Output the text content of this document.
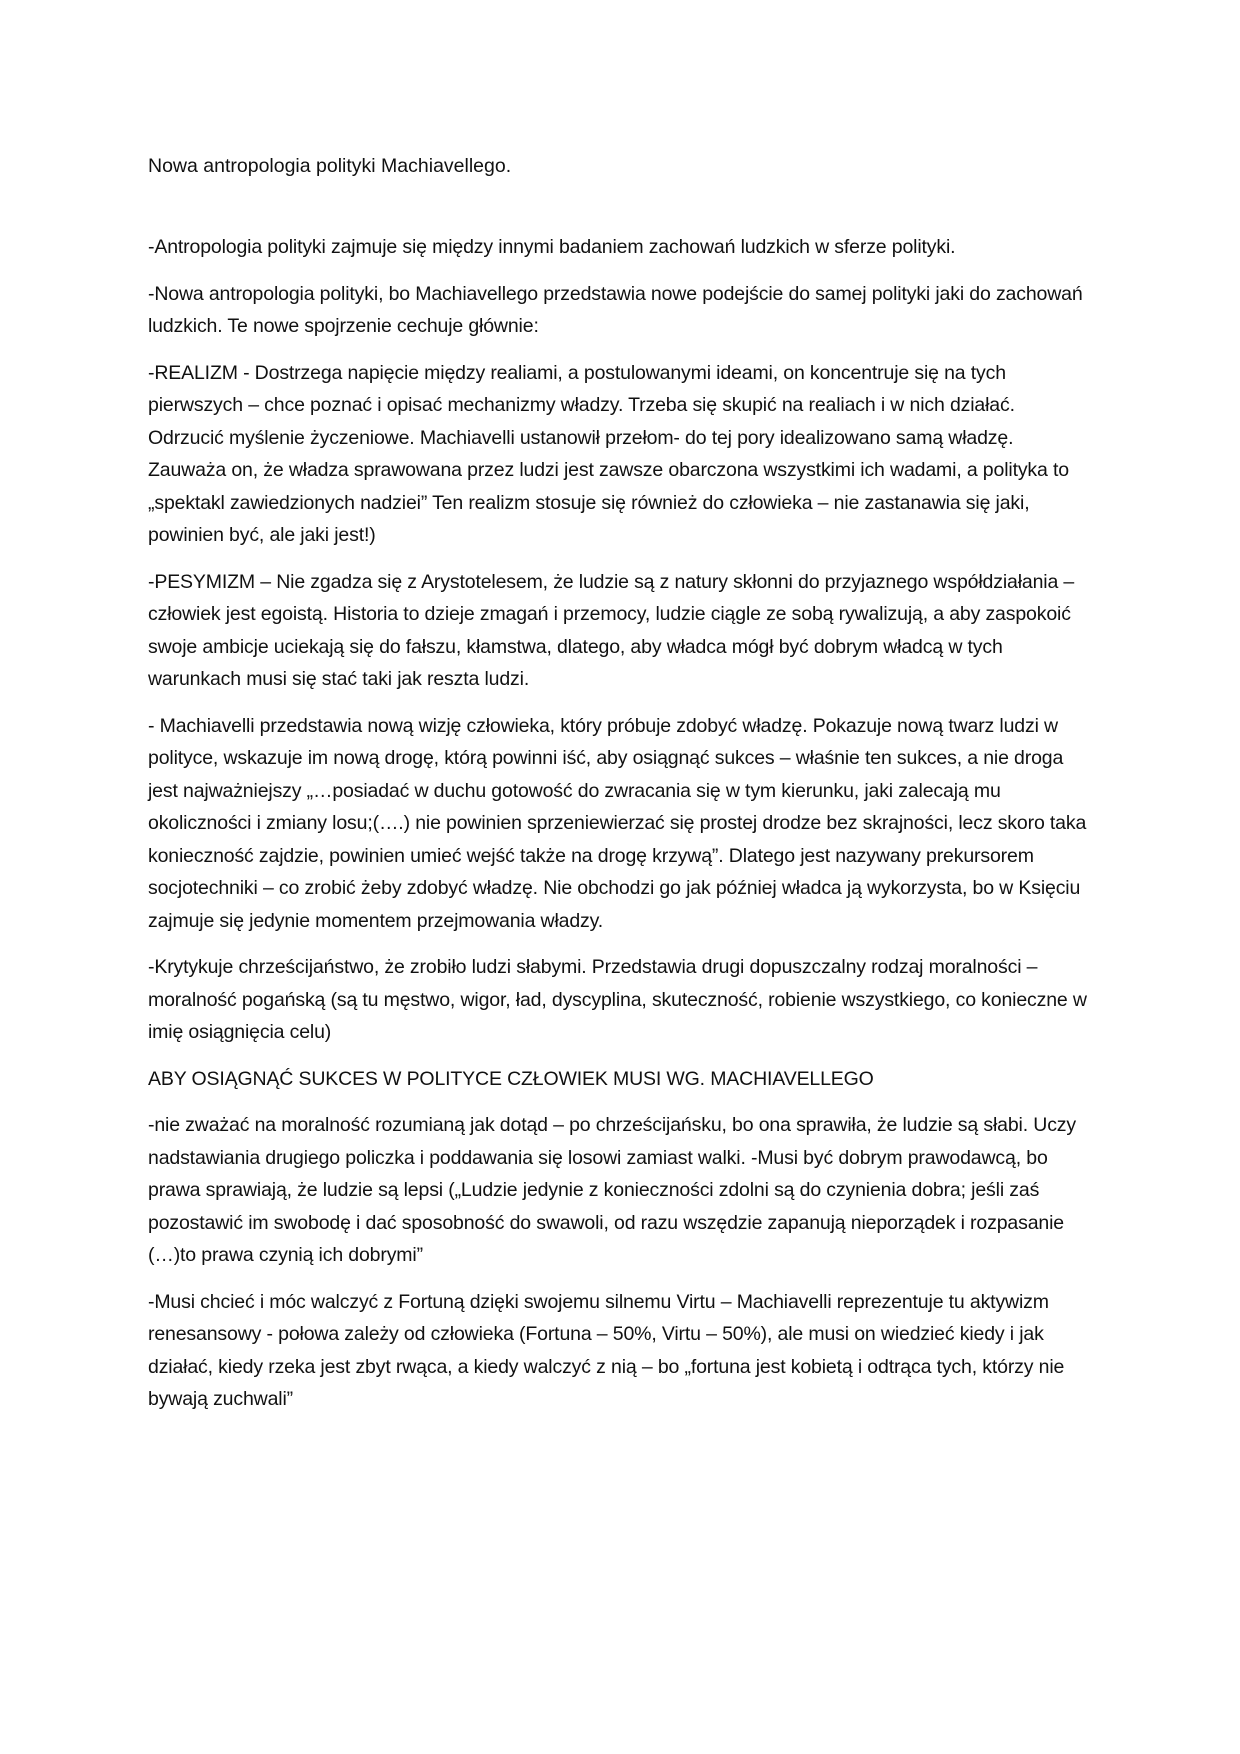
Nowa antropologia polityki Machiavellego.

-Antropologia polityki zajmuje się między innymi badaniem zachowań ludzkich w sferze polityki.

-Nowa antropologia polityki, bo Machiavellego przedstawia nowe podejście do samej polityki jaki do zachowań ludzkich. Te nowe spojrzenie cechuje głównie:

-REALIZM - Dostrzega napięcie między realiami, a postulowanymi ideami, on koncentruje się na tych pierwszych – chce poznać i opisać mechanizmy władzy. Trzeba się skupić na realiach i w nich działać. Odrzucić myślenie życzeniowe. Machiavelli ustanowił przełom- do tej pory idealizowano samą władzę. Zauważa on, że władza sprawowana przez ludzi jest zawsze obarczona wszystkimi ich wadami, a polityka to „spektakl zawiedzionych nadziei” Ten realizm stosuje się również do człowieka – nie zastanawia się jaki, powinien być, ale jaki jest!)

-PESYMIZM – Nie zgadza się z Arystotelesem, że ludzie są z natury skłonni do przyjaznego współdziałania – człowiek jest egoistą. Historia to dzieje zmagań i przemocy, ludzie ciągle ze sobą rywalizują, a aby zaspokoić swoje ambicje uciekają się do fałszu, kłamstwa, dlatego, aby władca mógł być dobrym władcą w tych warunkach musi się stać taki jak reszta ludzi.

- Machiavelli przedstawia nową wizję człowieka, który próbuje zdobyć władzę. Pokazuje nową twarz ludzi w polityce, wskazuje im nową drogę, którą powinni iść, aby osiągnąć sukces – właśnie ten sukces, a nie droga jest najważniejszy „…posiadać w duchu gotowość do zwracania się w tym kierunku, jaki zalecają mu okoliczności i zmiany losu;(….) nie powinien sprzeniewierzać się prostej drodze bez skrajności, lecz skoro taka konieczność zajdzie, powinien umieć wejść także na drogę krzywą”. Dlatego jest nazywany prekursorem socjotechniki – co zrobić żeby zdobyć władzę. Nie obchodzi go jak później władca ją wykorzysta, bo w Księciu zajmuje się jedynie momentem przejmowania władzy.

-Krytykuje chrześcijaństwo, że zrobiło ludzi słabymi. Przedstawia drugi dopuszczalny rodzaj moralności – moralność pogańską (są tu męstwo, wigor, ład, dyscyplina, skuteczność, robienie wszystkiego, co konieczne w imię osiągnięcia celu)

ABY OSIĄGNĄĆ SUKCES W POLITYCE CZŁOWIEK MUSI WG. MACHIAVELLEGO

-nie zważać na moralność rozumianą jak dotąd – po chrześcijańsku, bo ona sprawiła, że ludzie są słabi. Uczy nadstawiania drugiego policzka i poddawania się losowi zamiast walki. -Musi być dobrym prawodawcą, bo prawa sprawiają, że ludzie są lepsi („Ludzie jedynie z konieczności zdolni są do czynienia dobra; jeśli zaś pozostawić im swobodę i dać sposobność do swawoli, od razu wszędzie zapanują nieporządek i rozpasanie (…)to prawa czynią ich dobrymi”

-Musi chcieć i móc walczyć z Fortuną dzięki swojemu silnemu Virtu – Machiavelli reprezentuje tu aktywizm renesansowy - połowa zależy od człowieka (Fortuna – 50%, Virtu – 50%), ale musi on wiedzieć kiedy i jak działać, kiedy rzeka jest zbyt rwąca, a kiedy walczyć z nią – bo „fortuna jest kobietą i odtrąca tych, którzy nie bywają zuchwali”
